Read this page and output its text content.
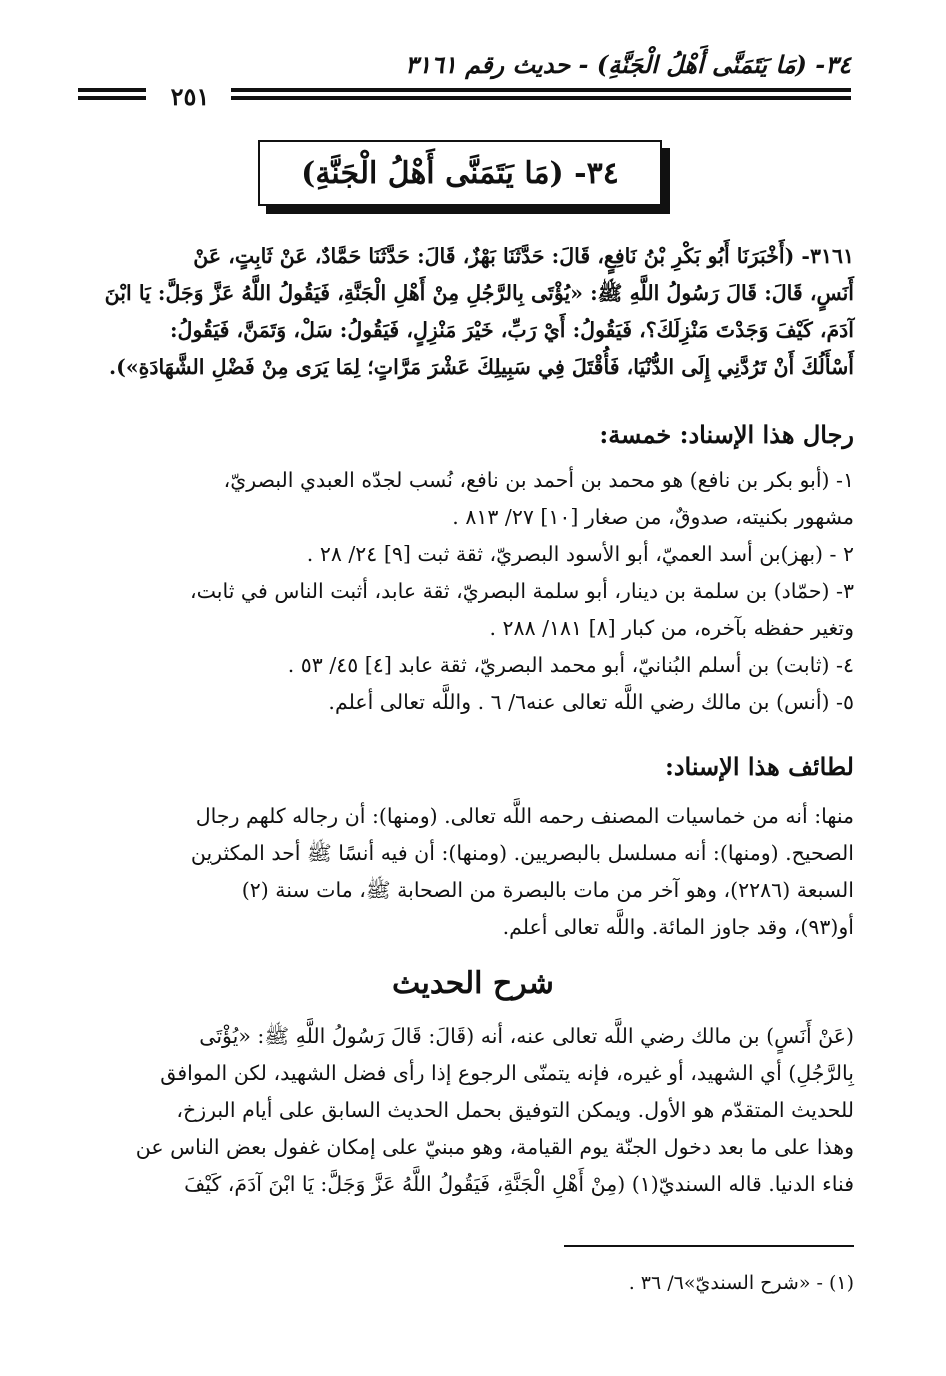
٣٤- (مَا يَتَمَنَّى أَهْلُ الْجَنَّةِ) - حديث رقم ٣١٦١
٢٥١
٣٤- (مَا يَتَمَنَّى أَهْلُ الْجَنَّةِ)
٣١٦١- (أَخْبَرَنَا أَبُو بَكْرِ بْنُ نَافِعٍ، قَالَ: حَدَّثَنَا بَهْزٌ، قَالَ: حَدَّثَنَا حَمَّادٌ، عَنْ ثَابِتٍ، عَنْ
أَنَسٍ، قَالَ: قَالَ رَسُولُ اللَّهِ ﷺ: «يُؤْتَى بِالرَّجُلِ مِنْ أَهْلِ الْجَنَّةِ، فَيَقُولُ اللَّهُ عَزَّ وَجَلَّ: يَا ابْنَ
آدَمَ، كَيْفَ وَجَدْتَ مَنْزِلَكَ؟، فَيَقُولُ: أَيْ رَبِّ، خَيْرَ مَنْزِلٍ، فَيَقُولُ: سَلْ، وَتَمَنَّ، فَيَقُولُ:
أَسْأَلُكَ أَنْ تَرُدَّنِي إِلَى الدُّنْيَا، فَأُقْتَلَ فِي سَبِيلِكَ عَشْرَ مَرَّاتٍ؛ لِمَا يَرَى مِنْ فَضْلِ الشَّهَادَةِ»).
رجال هذا الإسناد: خمسة:
١- (أبو بكر بن نافع) هو محمد بن أحمد بن نافع، نُسب لجدّه العبدي البصريّ،
مشهور بكنيته، صدوقٌ، من صغار [١٠] ٢٧/ ٨١٣ .
٢ - (بهز)بن أسد العميّ، أبو الأسود البصريّ، ثقة ثبت [٩] ٢٤/ ٢٨ .
٣- (حمّاد) بن سلمة بن دينار، أبو سلمة البصريّ، ثقة عابد، أثبت الناس في ثابت،
وتغير حفظه بآخره، من كبار [٨] ١٨١/ ٢٨٨ .
٤- (ثابت) بن أسلم البُنانيّ، أبو محمد البصريّ، ثقة عابد [٤] ٤٥/ ٥٣ .
٥- (أنس) بن مالك رضي اللَّه تعالى عنه٦/ ٦ . واللَّه تعالى أعلم.
لطائف هذا الإسناد:
منها: أنه من خماسيات المصنف رحمه اللَّه تعالى. (ومنها): أن رجاله كلهم رجال
الصحيح. (ومنها): أنه مسلسل بالبصريين. (ومنها): أن فيه أنسًا ﷺ أحد المكثرين
السبعة (٢٢٨٦)، وهو آخر من مات بالبصرة من الصحابة ﷺ، مات سنة (٢)
أو(٩٣)، وقد جاوز المائة. واللَّه تعالى أعلم.
شرح الحديث
(عَنْ أَنَسٍ) بن مالك رضي اللَّه تعالى عنه، أنه (قَالَ: قَالَ رَسُولُ اللَّهِ ﷺ: «يُؤْتَى
بِالرَّجُلِ) أي الشهيد، أو غيره، فإنه يتمنّى الرجوع إذا رأى فضل الشهيد، لكن الموافق
للحديث المتقدّم هو الأول. ويمكن التوفيق بحمل الحديث السابق على أيام البرزخ،
وهذا على ما بعد دخول الجنّة يوم القيامة، وهو مبنيّ على إمكان غفول بعض الناس عن
فناء الدنيا. قاله السنديّ(١) (مِنْ أَهْلِ الْجَنَّةِ، فَيَقُولُ اللَّهُ عَزَّ وَجَلَّ: يَا ابْنَ آدَمَ، كَيْفَ
(١) - «شرح السنديّ»٦/ ٣٦ .
